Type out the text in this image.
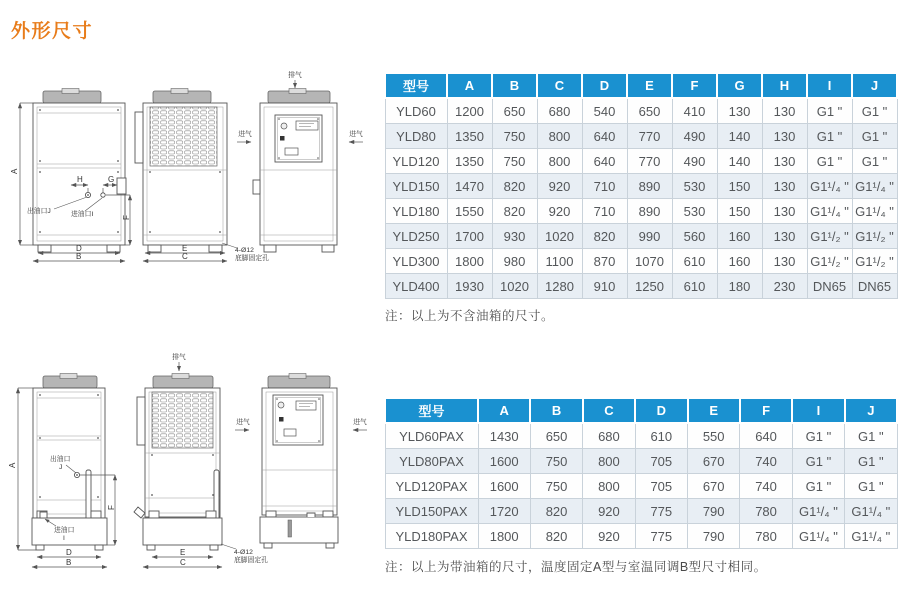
外形尺寸
H	G
出油口J	进油口I
A
F
D
B
E
C
4-Ø12
底脚固定孔
排气
进气	进气
型号	A	B	C	D	E	F	G	H	I	J
YLD60	1200	650	680	540	650	410	130	130	G1 "	G1 "
YLD80	1350	750	800	640	770	490	140	130	G1 "	G1 "
YLD120	1350	750	800	640	770	490	140	130	G1 "	G1 "
YLD150	1470	820	920	710	890	530	150	130	G1¹/₄ "	G1¹/₄ "
YLD180	1550	820	920	710	890	530	150	130	G1¹/₄ "	G1¹/₄ "
YLD250	1700	930	1020	820	990	560	160	130	G1¹/₂ "	G1¹/₂ "
YLD300	1800	980	1100	870	1070	610	160	130	G1¹/₂ "	G1¹/₂ "
YLD400	1930	1020	1280	910	1250	610	180	230	DN65	DN65
注：以上为不含油箱的尺寸。
出油口
J
进油口
I
A
F
D
B
排气
E
C
4-Ø12
底脚固定孔
进气	进气
型号	A	B	C	D	E	F	I	J
YLD60PAX	1430	650	680	610	550	640	G1 "	G1 "
YLD80PAX	1600	750	800	705	670	740	G1 "	G1 "
YLD120PAX	1600	750	800	705	670	740	G1 "	G1 "
YLD150PAX	1720	820	920	775	790	780	G1¹/₄ "	G1¹/₄ "
YLD180PAX	1800	820	920	775	790	780	G1¹/₄ "	G1¹/₄ "
注：以上为带油箱的尺寸，温度固定A型与室温同调B型尺寸相同。
